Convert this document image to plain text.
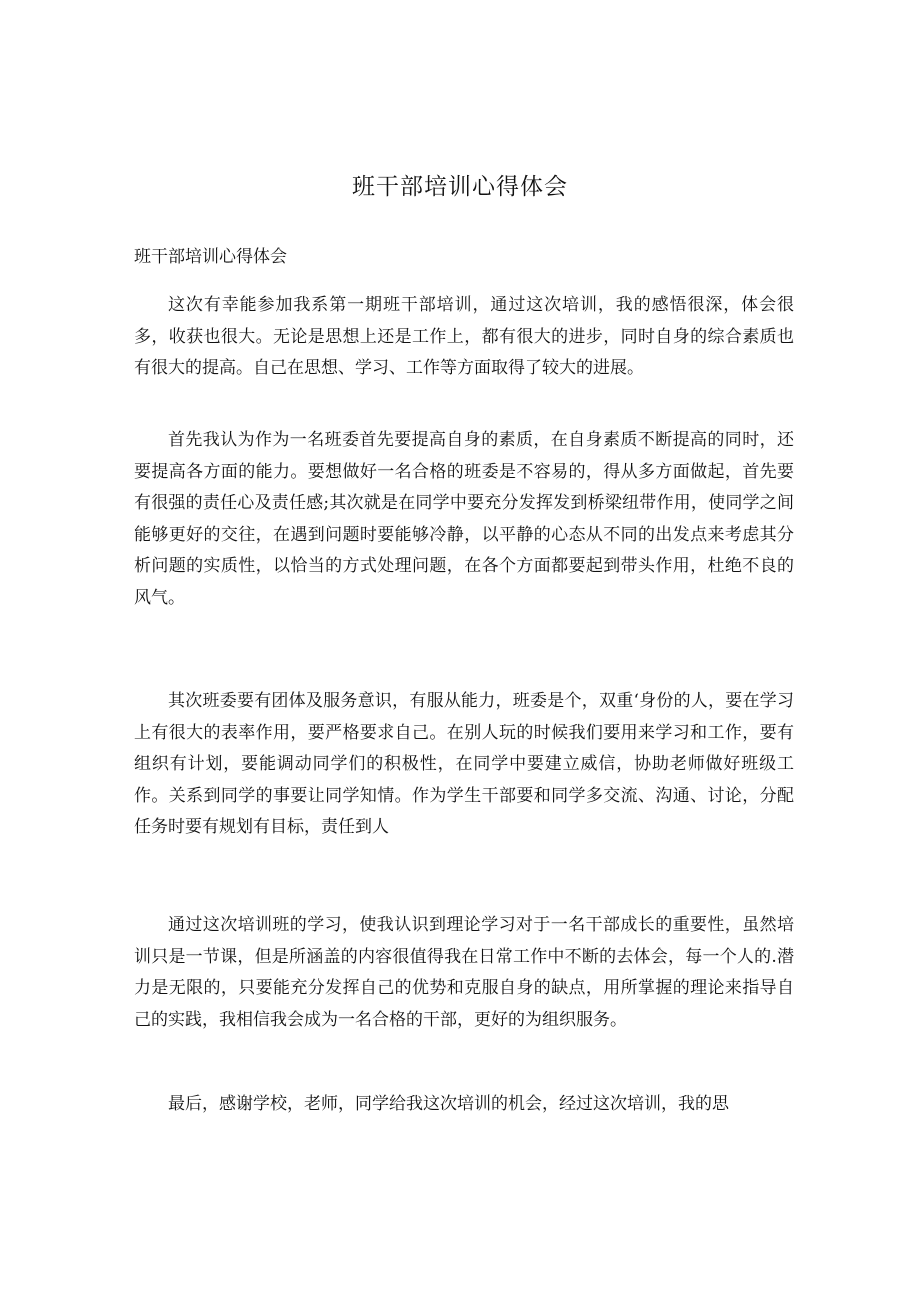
班干部培训心得体会

班干部培训心得体会

这次有幸能参加我系第一期班干部培训，通过这次培训，我的感悟很深，体会很多，收获也很大。无论是思想上还是工作上，都有很大的进步，同时自身的综合素质也有很大的提高。自己在思想、学习、工作等方面取得了较大的进展。

首先我认为作为一名班委首先要提高自身的素质，在自身素质不断提高的同时，还要提高各方面的能力。要想做好一名合格的班委是不容易的，得从多方面做起，首先要有很强的责任心及责任感;其次就是在同学中要充分发挥发到桥梁纽带作用，使同学之间能够更好的交往，在遇到问题时要能够冷静，以平静的心态从不同的出发点来考虑其分析问题的实质性，以恰当的方式处理问题，在各个方面都要起到带头作用，杜绝不良的风气。

其次班委要有团体及服务意识，有服从能力，班委是个，双重‘身份的人，要在学习上有很大的表率作用，要严格要求自己。在别人玩的时候我们要用来学习和工作，要有组织有计划，要能调动同学们的积极性，在同学中要建立威信，协助老师做好班级工作。关系到同学的事要让同学知情。作为学生干部要和同学多交流、沟通、讨论，分配任务时要有规划有目标，责任到人

通过这次培训班的学习，使我认识到理论学习对于一名干部成长的重要性，虽然培训只是一节课，但是所涵盖的内容很值得我在日常工作中不断的去体会，每一个人的.潜力是无限的，只要能充分发挥自己的优势和克服自身的缺点，用所掌握的理论来指导自己的实践，我相信我会成为一名合格的干部，更好的为组织服务。

最后，感谢学校，老师，同学给我这次培训的机会，经过这次培训，我的思
